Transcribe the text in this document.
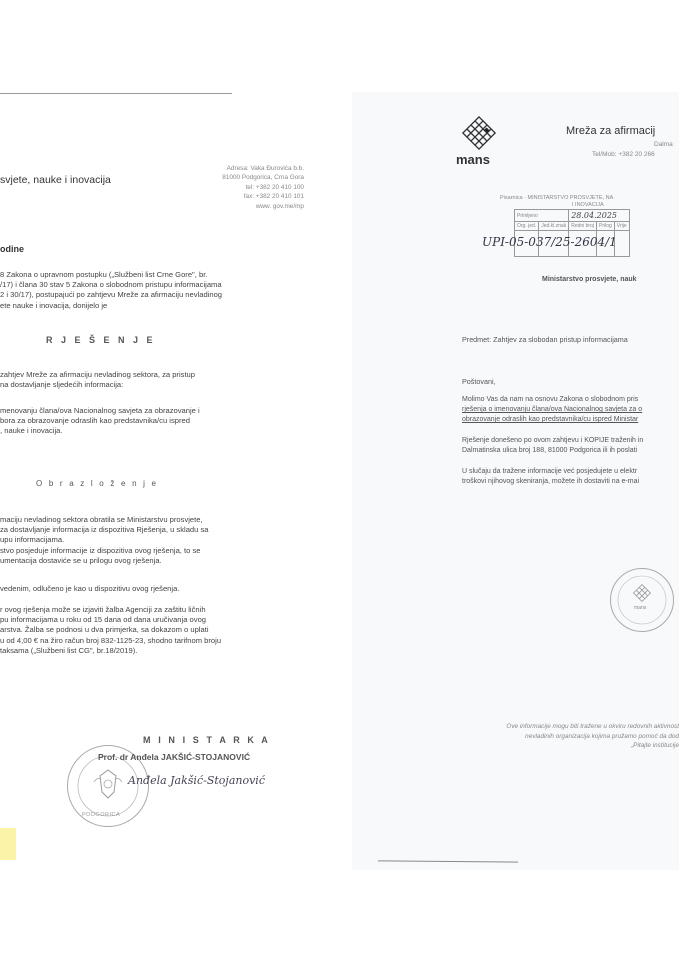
svjete, nauke i inovacija
Adresa: Vaka Đurovića b.b.
81000 Podgorica, Crna Gora
tel: +382 20 410 100
fax: +382 20 410 101
www. gov.me/mp
odine
8 Zakona o upravnom postupku („Službeni list Crne Gore", br.
/17) i člana 30 stav 5 Zakona o slobodnom pristupu informacijama
2 i 30/17), postupajući po zahtjevu Mreže za afirmaciju nevladinog
ete nauke i inovacija, donijelo je
R J E Š E N J E
zahtjev Mreže za afirmaciju nevladinog sektora, za pristup
na dostavljanje sljedećih informacija:
menovanju člana/ova Nacionalnog savjeta za obrazovanje i
bora za obrazovanje odraslih kao predstavnika/cu ispred
, nauke i inovacija.
O b r a z l o ž e n j e
maciju nevladinog sektora obratila se Ministarstvu prosvjete,
za dostavljanje informacija iz dispozitiva Rješenja, u skladu sa
upu informacijama.
stvo posjeduje informacije iz dispozitiva ovog rješenja, to se
umentacija dostaviće se u prilogu ovog rješenja.
vedenim, odlučeno je kao u dispozitivu ovog rješenja.
r ovog rješenja može se izjaviti žalba Agenciji za zaštitu ličnih
pu informacijama u roku od 15 dana od dana uručivanja ovog
arstva. Žalba se podnosi u dva primjerka, sa dokazom o uplati
u od 4,00 € na žiro račun broj 832-1125-23, shodno tarifnom broju
taksama („Službeni list CG", br.18/2019).
M I N I S T A R K A
PODGORICA
Prof. dr Anđela JAKŠIĆ-STOJANOVIĆ
Anđela Jakšić-Stojanović
mans
Mreža za afirmacij
Dalma
Tel/Mob: +382 20 266
Pisarnica · MINISTARSTVO PROSVJETE, NA
I INOVACIJA
Primljeno		28.04.2025		
Org. jed.	Jed.kl.znak	Redni broj	Prilog	Vrije

UPI-05-037/25-2604/1
Ministarstvo prosvjete, nauk
Predmet: Zahtjev za slobodan pristup informacijama
Poštovani,
Molimo Vas da nam na osnovu Zakona o slobodnom pris
rješenja o imenovanju člana/ova Nacionalnog savjeta za o
obrazovanje odraslih kao predstavnika/cu ispred Ministar
Rješenje donešeno po ovom zahtjevu i KOPIJE traženih in
Dalmatinska ulica broj 188, 81000 Podgorica ili ih poslati
U slučaju da tražene informacije već posjedujete u elektr
troškovi njihovog skeniranja, možete ih dostaviti na e-mai
mans
Ove informacije mogu biti tražene u okviru redovnih aktivnost
nevladinih organizacija kojima pružamo pomoć da dod
„Pitajte institucije
